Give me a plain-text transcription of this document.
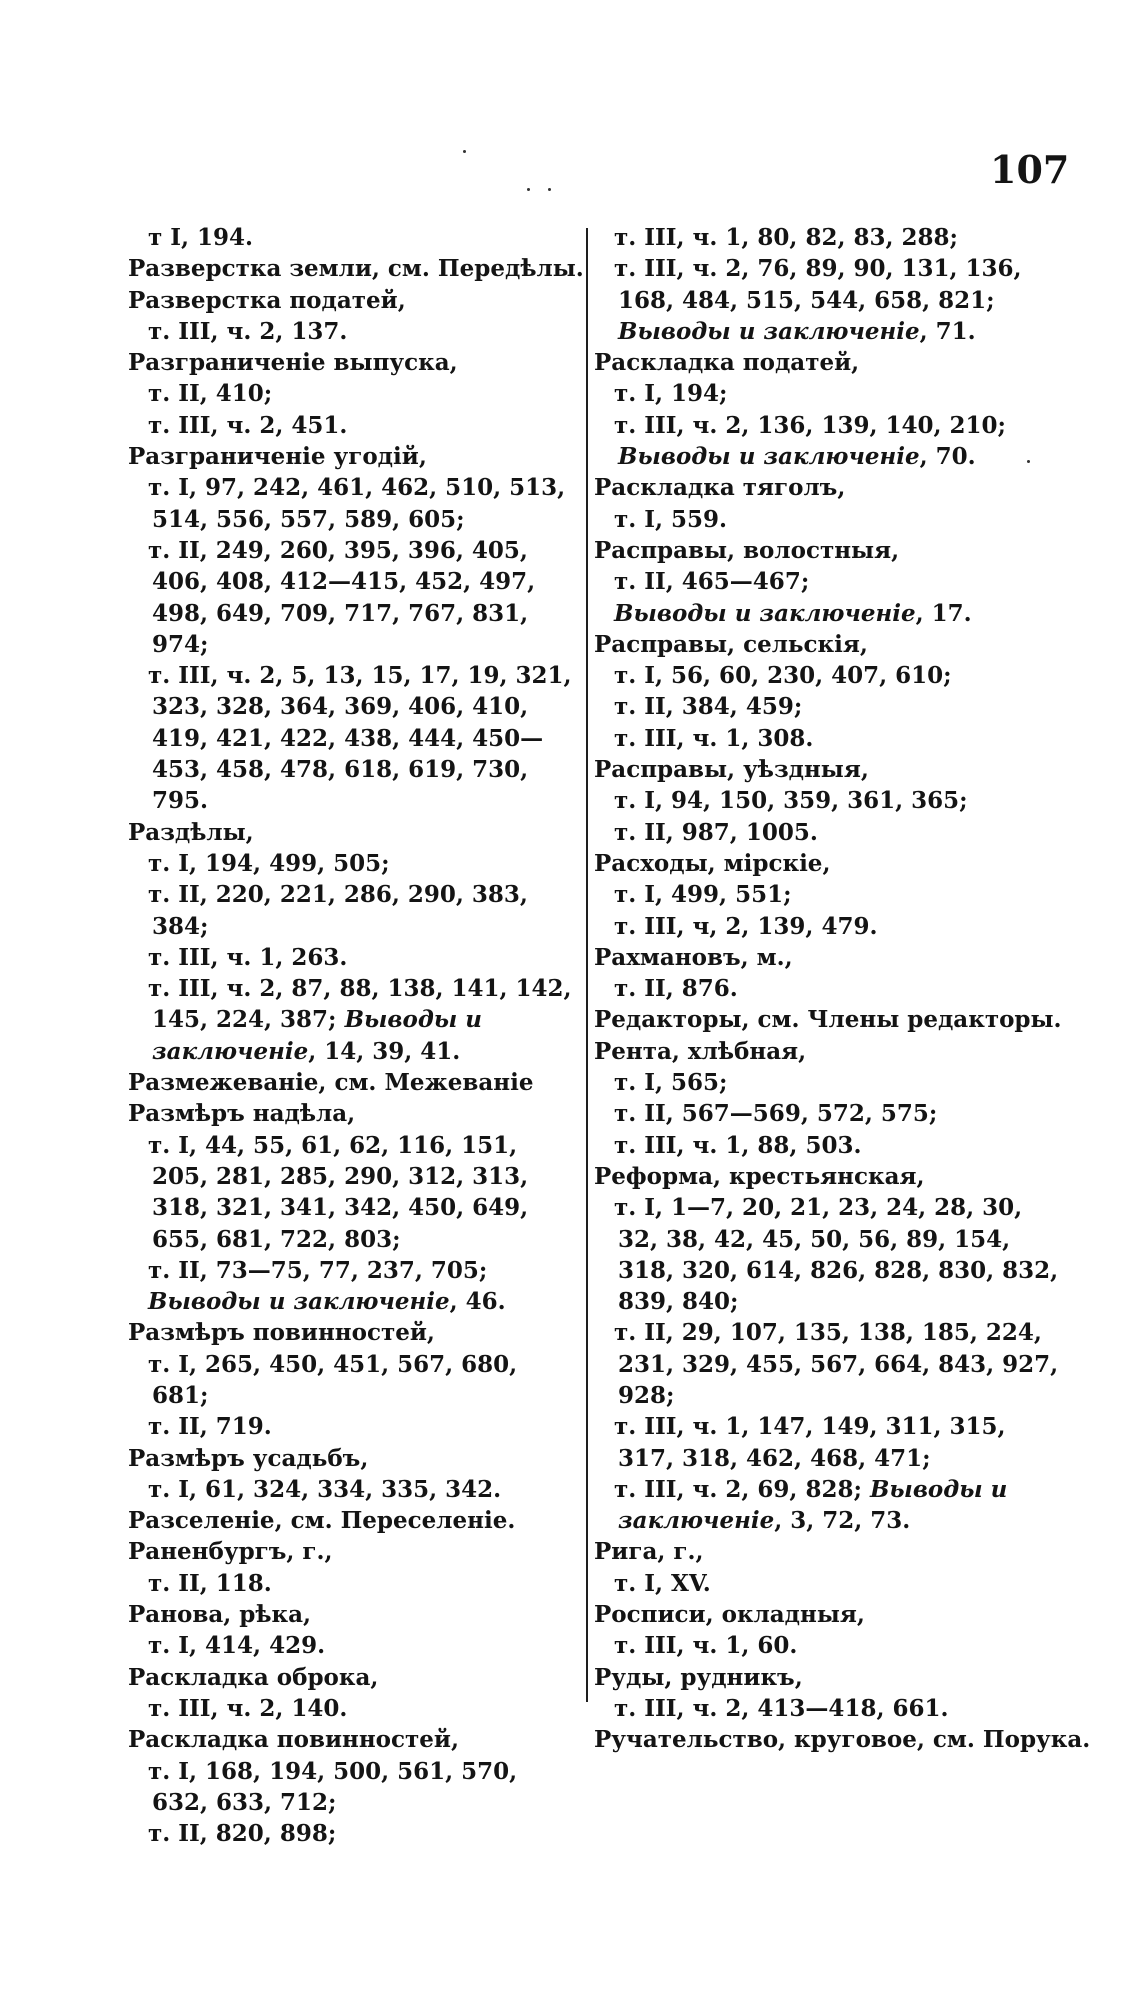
107
т I, 194.
Разверстка земли, см. Передѣлы.
Разверстка податей,
т. III, ч. 2, 137.
Разграниченіе выпуска,
т. II, 410;
т. III, ч. 2, 451.
Разграниченіе угодій,
т. I, 97, 242, 461, 462, 510, 513, 514, 556, 557, 589, 605;
т. II, 249, 260, 395, 396, 405, 406, 408, 412—415, 452, 497, 498, 649, 709, 717, 767, 831, 974;
т. III, ч. 2, 5, 13, 15, 17, 19, 321, 323, 328, 364, 369, 406, 410, 419, 421, 422, 438, 444, 450—453, 458, 478, 618, 619, 730, 795.
Раздѣлы,
т. I, 194, 499, 505;
т. II, 220, 221, 286, 290, 383, 384;
т. III, ч. 1, 263.
т. III, ч. 2, 87, 88, 138, 141, 142, 145, 224, 387; Выводы и заключеніе, 14, 39, 41.
Размежеваніе, см. Межеваніе
Размѣръ надѣла,
т. I, 44, 55, 61, 62, 116, 151, 205, 281, 285, 290, 312, 313, 318, 321, 341, 342, 450, 649, 655, 681, 722, 803;
т. II, 73—75, 77, 237, 705;
Выводы и заключеніе, 46.
Размѣръ повинностей,
т. I, 265, 450, 451, 567, 680, 681;
т. II, 719.
Размѣръ усадьбъ,
т. I, 61, 324, 334, 335, 342.
Разселеніе, см. Переселеніе.
Раненбургъ, г.,
т. II, 118.
Ранова, рѣка,
т. I, 414, 429.
Раскладка оброка,
т. III, ч. 2, 140.
Раскладка повинностей,
т. I, 168, 194, 500, 561, 570, 632, 633, 712;
т. II, 820, 898;
т. III, ч. 1, 80, 82, 83, 288;
т. III, ч. 2, 76, 89, 90, 131, 136, 168, 484, 515, 544, 658, 821; Выводы и заключеніе, 71.
Раскладка податей,
т. I, 194;
т. III, ч. 2, 136, 139, 140, 210; Выводы и заключеніе, 70.
Раскладка тяголъ,
т. I, 559.
Расправы, волостныя,
т. II, 465—467;
Выводы и заключеніе, 17.
Расправы, сельскія,
т. I, 56, 60, 230, 407, 610;
т. II, 384, 459;
т. III, ч. 1, 308.
Расправы, уѣздныя,
т. I, 94, 150, 359, 361, 365;
т. II, 987, 1005.
Расходы, мірскіе,
т. I, 499, 551;
т. III, ч, 2, 139, 479.
Рахмановъ, м.,
т. II, 876.
Редакторы, см. Члены редакторы.
Рента, хлѣбная,
т. I, 565;
т. II, 567—569, 572, 575;
т. III, ч. 1, 88, 503.
Реформа, крестьянская,
т. I, 1—7, 20, 21, 23, 24, 28, 30, 32, 38, 42, 45, 50, 56, 89, 154, 318, 320, 614, 826, 828, 830, 832, 839, 840;
т. II, 29, 107, 135, 138, 185, 224, 231, 329, 455, 567, 664, 843, 927, 928;
т. III, ч. 1, 147, 149, 311, 315, 317, 318, 462, 468, 471;
т. III, ч. 2, 69, 828; Выводы и заключеніе, 3, 72, 73.
Рига, г.,
т. I, XV.
Росписи, окладныя,
т. III, ч. 1, 60.
Руды, рудникъ,
т. III, ч. 2, 413—418, 661.
Ручательство, круговое, см. Порука.
